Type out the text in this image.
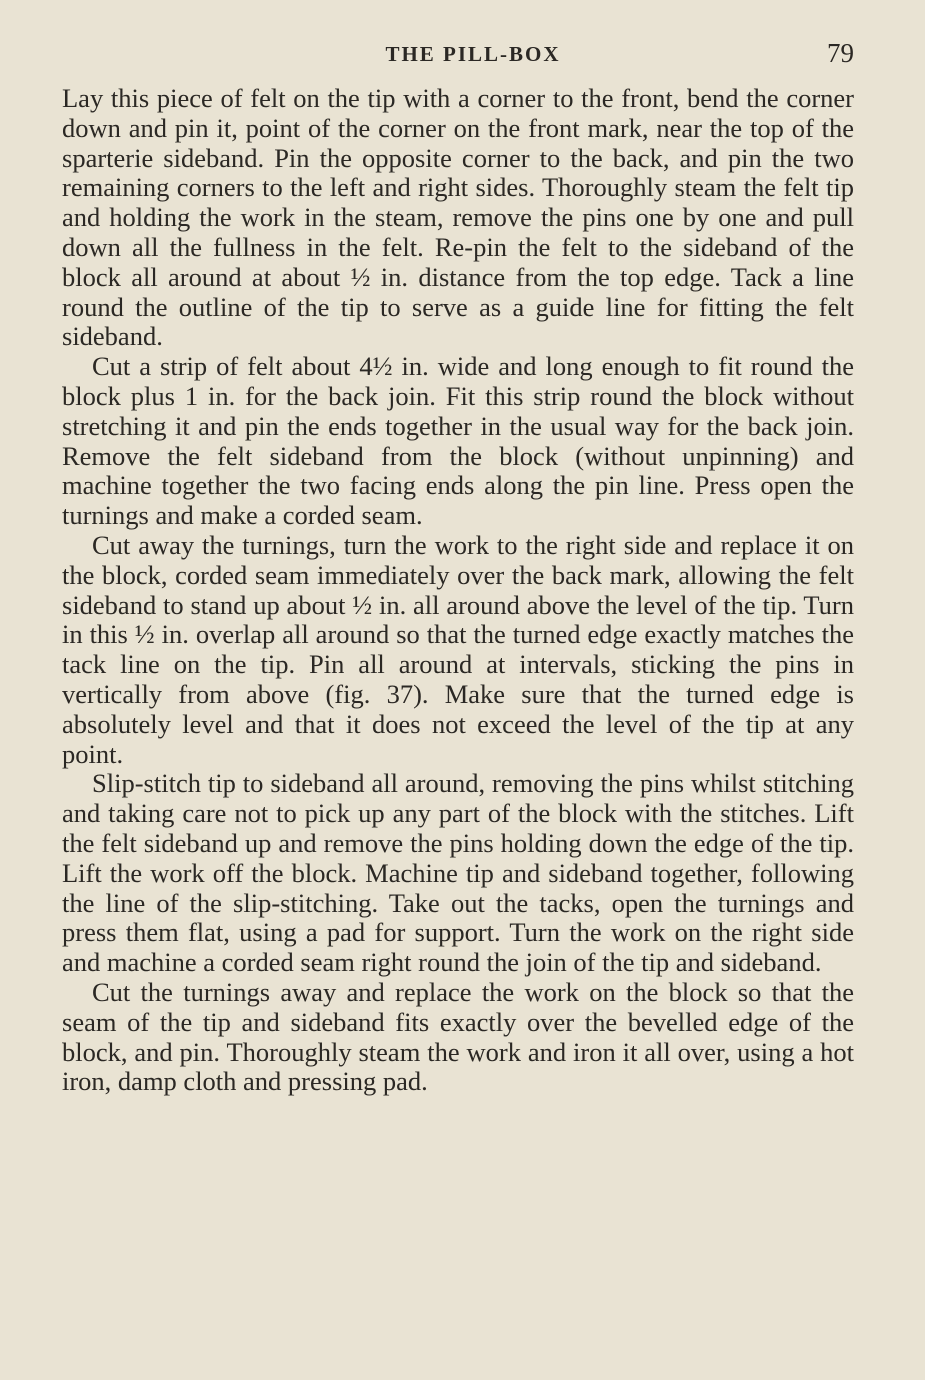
THE PILL-BOX	79

Lay this piece of felt on the tip with a corner to the front, bend the corner down and pin it, point of the corner on the front mark, near the top of the sparterie sideband. Pin the opposite corner to the back, and pin the two remaining corners to the left and right sides. Thoroughly steam the felt tip and holding the work in the steam, remove the pins one by one and pull down all the fullness in the felt. Re-pin the felt to the sideband of the block all around at about ½ in. distance from the top edge. Tack a line round the outline of the tip to serve as a guide line for fitting the felt sideband.

Cut a strip of felt about 4½ in. wide and long enough to fit round the block plus 1 in. for the back join. Fit this strip round the block without stretching it and pin the ends together in the usual way for the back join. Remove the felt sideband from the block (without unpinning) and machine together the two facing ends along the pin line. Press open the turnings and make a corded seam.

Cut away the turnings, turn the work to the right side and replace it on the block, corded seam immediately over the back mark, allowing the felt sideband to stand up about ½ in. all around above the level of the tip. Turn in this ½ in. overlap all around so that the turned edge exactly matches the tack line on the tip. Pin all around at intervals, sticking the pins in vertically from above (fig. 37). Make sure that the turned edge is absolutely level and that it does not exceed the level of the tip at any point.

Slip-stitch tip to sideband all around, removing the pins whilst stitching and taking care not to pick up any part of the block with the stitches. Lift the felt sideband up and remove the pins holding down the edge of the tip. Lift the work off the block. Machine tip and sideband together, following the line of the slip-stitching. Take out the tacks, open the turnings and press them flat, using a pad for support. Turn the work on the right side and machine a corded seam right round the join of the tip and sideband.

Cut the turnings away and replace the work on the block so that the seam of the tip and sideband fits exactly over the bevelled edge of the block, and pin. Thoroughly steam the work and iron it all over, using a hot iron, damp cloth and pressing pad.
